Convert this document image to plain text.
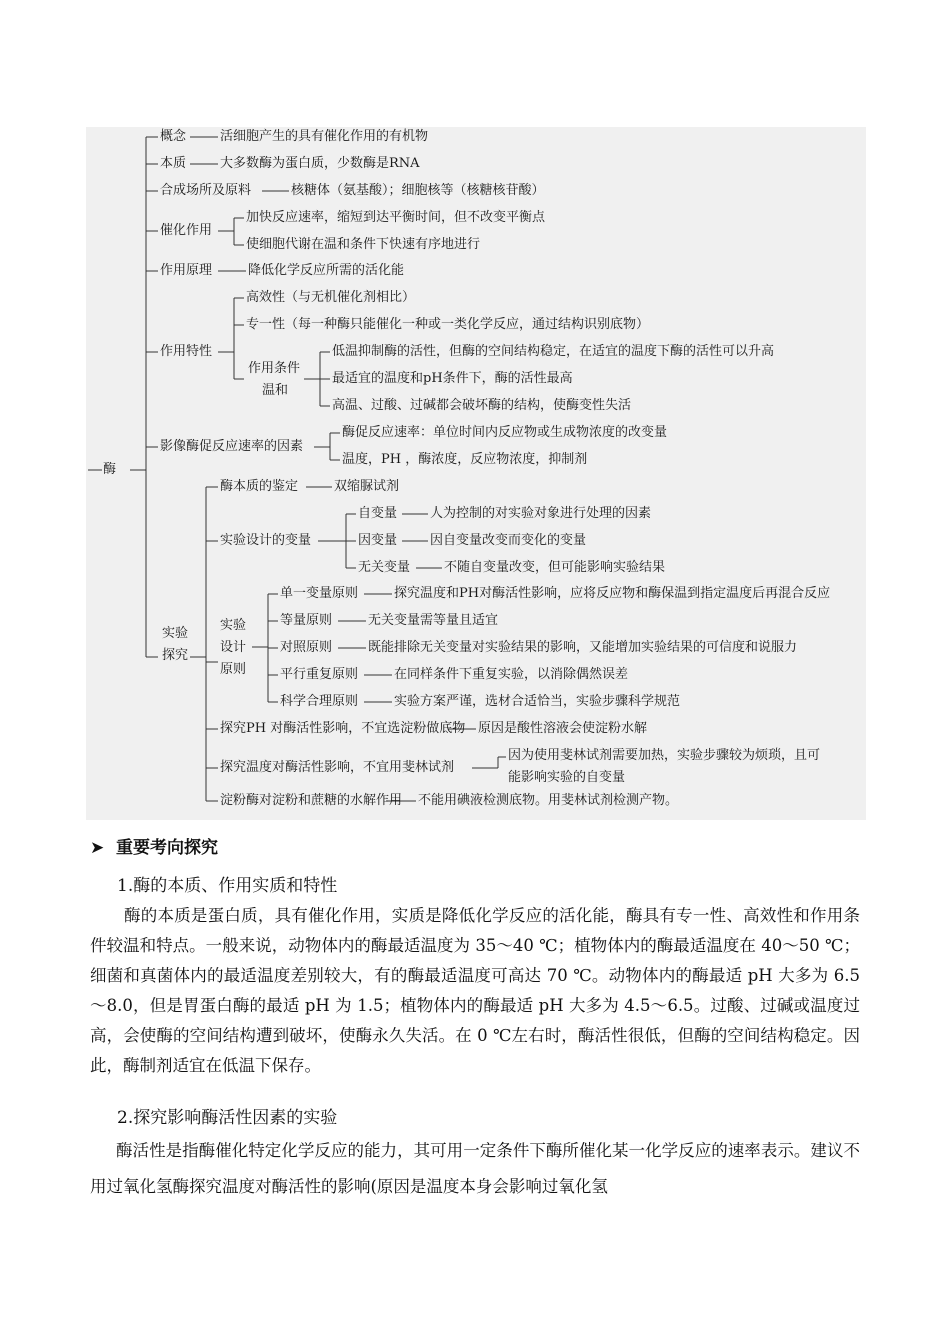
酶
概念	活细胞产生的具有催化作用的有机物
本质	大多数酶为蛋白质，少数酶是RNA
合成场所及原料	核糖体（氨基酸）；细胞核等（核糖核苷酸）
催化作用
加快反应速率，缩短到达平衡时间，但不改变平衡点
使细胞代谢在温和条件下快速有序地进行
作用原理	降低化学反应所需的活化能
作用特性
高效性（与无机催化剂相比）
专一性（每一种酶只能催化一种或一类化学反应，通过结构识别底物）
作用条件
温和
低温抑制酶的活性，但酶的空间结构稳定，在适宜的温度下酶的活性可以升高
最适宜的温度和pH条件下，酶的活性最高
高温、过酸、过碱都会破坏酶的结构，使酶变性失活
影像酶促反应速率的因素
酶促反应速率：单位时间内反应物或生成物浓度的改变量
温度，PH ，酶浓度，反应物浓度，抑制剂
实验
探究
酶本质的鉴定	双缩脲试剂
实验设计的变量
自变量	人为控制的对实验对象进行处理的因素
因变量	因自变量改变而变化的变量
无关变量	不随自变量改变，但可能影响实验结果
实验
设计
原则
单一变量原则	探究温度和PH对酶活性影响，应将反应物和酶保温到指定温度后再混合反应
等量原则	无关变量需等量且适宜
对照原则	既能排除无关变量对实验结果的影响，又能增加实验结果的可信度和说服力
平行重复原则	在同样条件下重复实验，以消除偶然误差
科学合理原则	实验方案严谨，选材合适恰当，实验步骤科学规范
探究PH 对酶活性影响，不宜选淀粉做底物 原因是酸性溶液会使淀粉水解
探究温度对酶活性影响，不宜用斐林试剂
因为使用斐林试剂需要加热，实验步骤较为烦琐，且可
能影响实验的自变量
淀粉酶对淀粉和蔗糖的水解作用 不能用碘液检测底物。用斐林试剂检测产物。
➤ 重要考向探究
1.酶的本质、作用实质和特性
酶的本质是蛋白质，具有催化作用，实质是降低化学反应的活化能，酶具有专一性、高效性和作用条件较温和特点。一般来说，动物体内的酶最适温度为 35～40 ℃；植物体内的酶最适温度在 40～50 ℃；细菌和真菌体内的最适温度差别较大，有的酶最适温度可高达 70 ℃。动物体内的酶最适 pH 大多为 6.5～8.0，但是胃蛋白酶的最适 pH 为 1.5；植物体内的酶最适 pH 大多为 4.5～6.5。过酸、过碱或温度过高，会使酶的空间结构遭到破坏，使酶永久失活。在 0 ℃左右时，酶活性很低，但酶的空间结构稳定。因此，酶制剂适宜在低温下保存。
2.探究影响酶活性因素的实验
酶活性是指酶催化特定化学反应的能力，其可用一定条件下酶所催化某一化学反应的速率表示。建议不用过氧化氢酶探究温度对酶活性的影响(原因是温度本身会影响过氧化氢
